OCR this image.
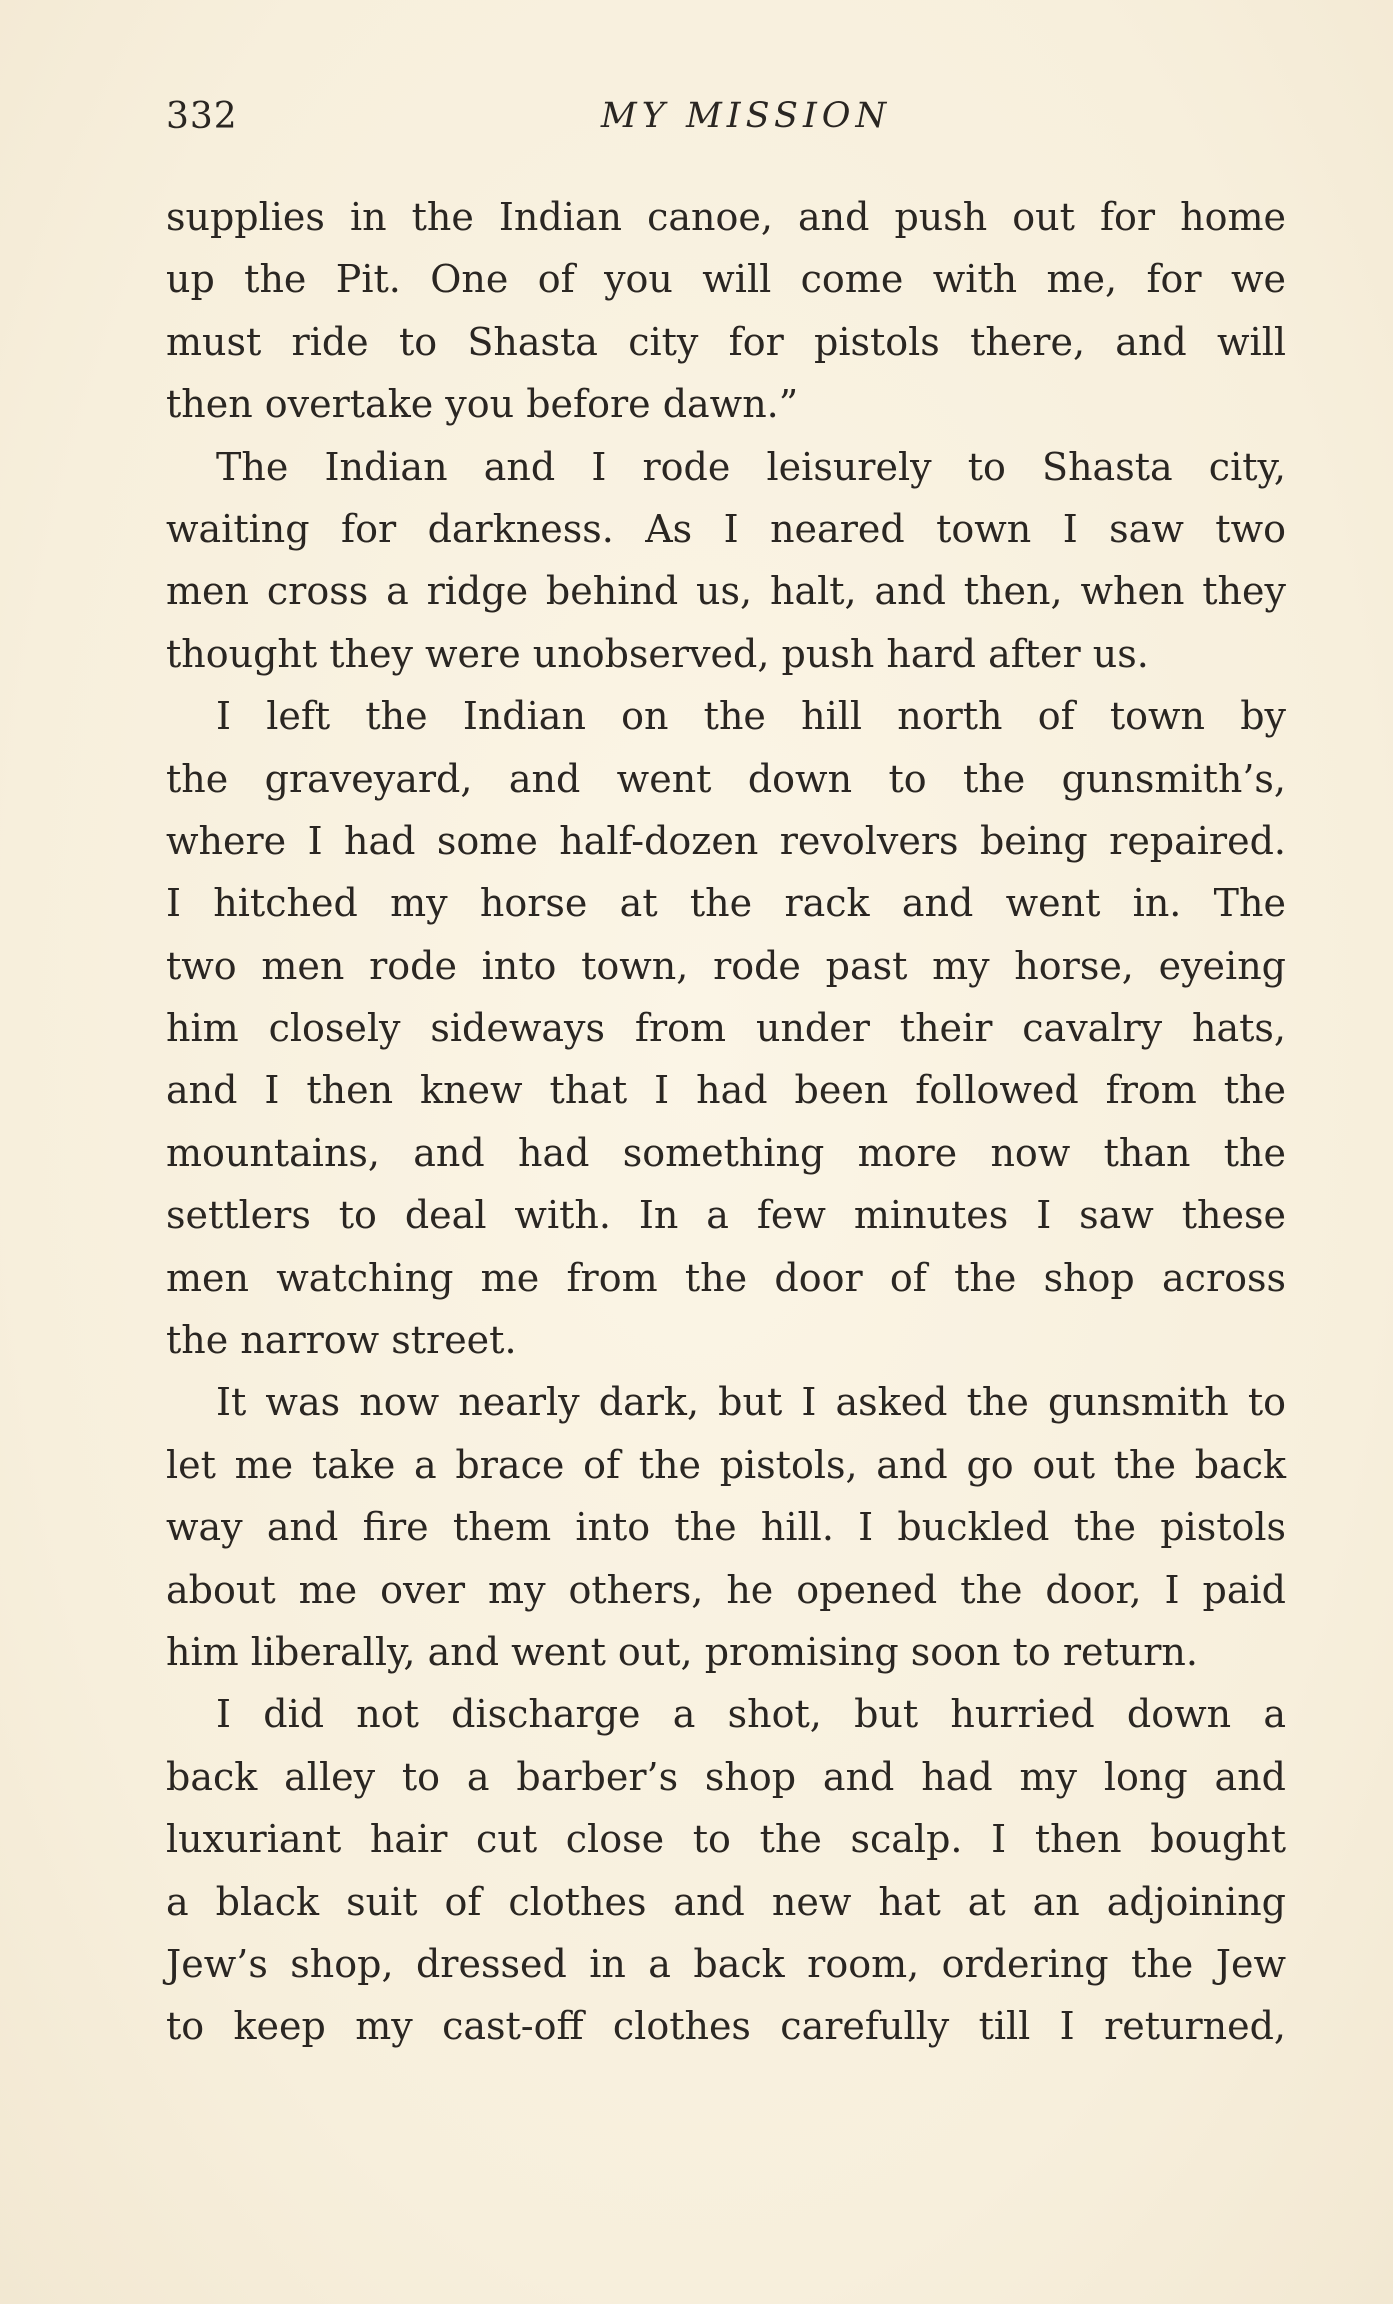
332	MY MISSION
supplies in the Indian canoe, and push out for home
up the Pit. One of you will come with me, for we
must ride to Shasta city for pistols there, and will
then overtake you before dawn.”
The Indian and I rode leisurely to Shasta city,
waiting for darkness. As I neared town I saw two
men cross a ridge behind us, halt, and then, when they
thought they were unobserved, push hard after us.
I left the Indian on the hill north of town by
the graveyard, and went down to the gunsmith’s,
where I had some half-dozen revolvers being repaired.
I hitched my horse at the rack and went in. The
two men rode into town, rode past my horse, eyeing
him closely sideways from under their cavalry hats,
and I then knew that I had been followed from the
mountains, and had something more now than the
settlers to deal with. In a few minutes I saw these
men watching me from the door of the shop across
the narrow street.
It was now nearly dark, but I asked the gunsmith to
let me take a brace of the pistols, and go out the back
way and fire them into the hill. I buckled the pistols
about me over my others, he opened the door, I paid
him liberally, and went out, promising soon to return.
I did not discharge a shot, but hurried down a
back alley to a barber’s shop and had my long and
luxuriant hair cut close to the scalp. I then bought
a black suit of clothes and new hat at an adjoining
Jew’s shop, dressed in a back room, ordering the Jew
to keep my cast-off clothes carefully till I returned,
